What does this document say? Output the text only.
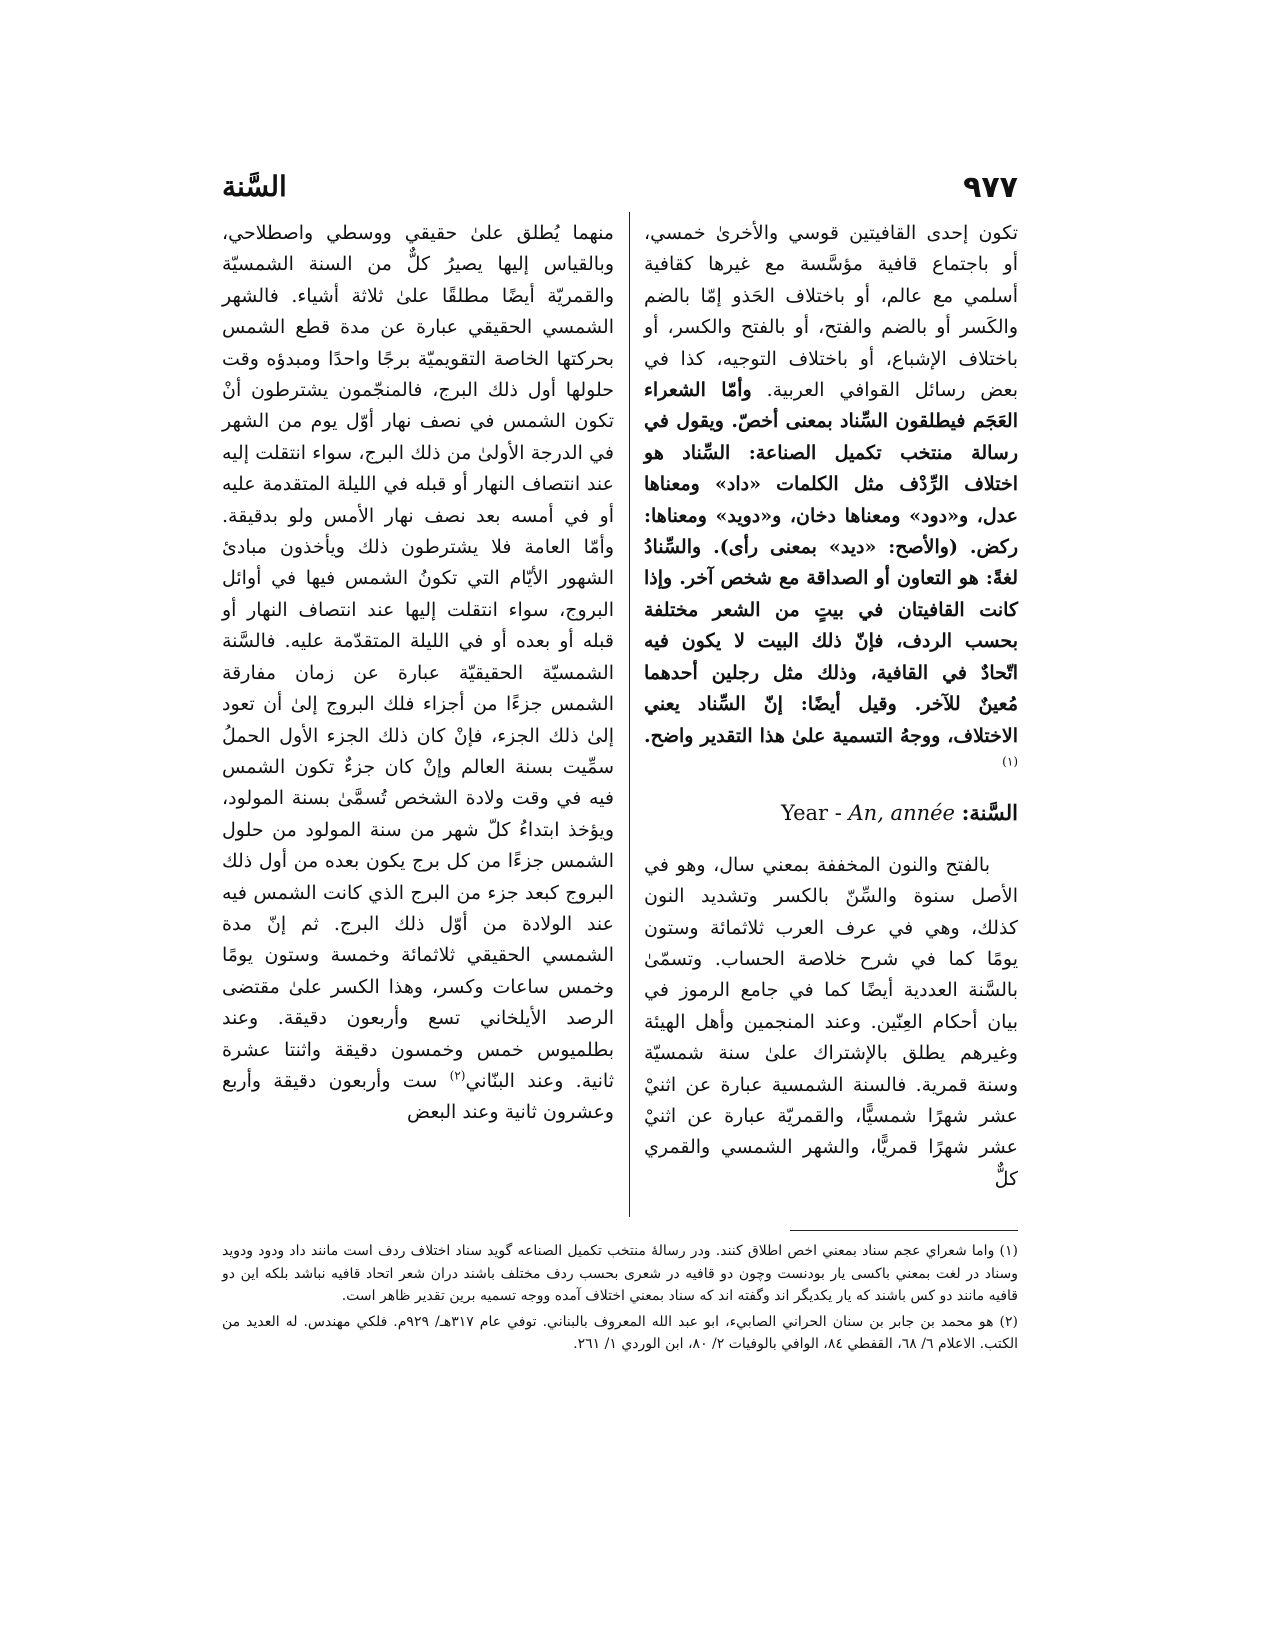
٩٧٧
السَّنة

تكون إحدى القافيتين قوسي والأخرىٰ خمسي، أو باجتماع قافية مؤسَّسة مع غيرها كقافية أسلمي مع عالم، أو باختلاف الحَذو إمّا بالضم والكَسر أو بالضم والفتح، أو بالفتح والكسر، أو باختلاف الإشباع، أو باختلاف التوجيه، كذا في بعض رسائل القوافي العربية. وأمّا الشعراء العَجَم فيطلقون السِّناد بمعنى أخصّ. ويقول في رسالة منتخب تكميل الصناعة: السِّناد هو اختلاف الرِّدْف مثل الكلمات «داد» ومعناها عدل، و«دود» ومعناها دخان، و«دويد» ومعناها: ركض. (والأصح: «ديد» بمعنى رأى). والسِّنادُ لغةً: هو التعاون أو الصداقة مع شخص آخر. وإذا كانت القافيتان في بيتٍ من الشعر مختلفة بحسب الردف، فإنّ ذلك البيت لا يكون فيه اتّحادٌ في القافية، وذلك مثل رجلين أحدهما مُعينٌ للآخر. وقيل أيضًا: إنّ السِّناد يعني الاختلاف، ووجهُ التسمية علىٰ هذا التقدير واضح.$^{(١)}$

السَّنة: Year - An, année

بالفتح والنون المخففة بمعني سال، وهو في الأصل سنوة والسِّنّ بالكسر وتشديد النون كذلك، وهي في عرف العرب ثلاثمائة وستون يومًا كما في شرح خلاصة الحساب. وتسمّىٰ بالسَّنة العددية أيضًا كما في جامع الرموز في بيان أحكام العِنّين. وعند المنجمين وأهل الهيئة وغيرهم يطلق بالإشتراك علىٰ سنة شمسيّة وسنة قمرية. فالسنة الشمسية عبارة عن اثنيْ عشر شهرًا شمسيًّا، والقمريّة عبارة عن اثنيْ عشر شهرًا قمريًّا، والشهر الشمسي والقمري كلٌّ

منهما يُطلق علىٰ حقيقي ووسطي واصطلاحي، وبالقياس إليها يصيرُ كلٌّ من السنة الشمسيّة والقمريّة أيضًا مطلقًا علىٰ ثلاثة أشياء. فالشهر الشمسي الحقيقي عبارة عن مدة قطع الشمس بحركتها الخاصة التقويميّة برجًا واحدًا ومبدؤه وقت حلولها أول ذلك البرج، فالمنجّمون يشترطون أنْ تكون الشمس في نصف نهار أوّل يوم من الشهر في الدرجة الأولىٰ من ذلك البرج، سواء انتقلت إليه عند انتصاف النهار أو قبله في الليلة المتقدمة عليه أو في أمسه بعد نصف نهار الأمس ولو بدقيقة. وأمّا العامة فلا يشترطون ذلك ويأخذون مبادئ الشهور الأيّام التي تكونُ الشمس فيها في أوائل البروج، سواء انتقلت إليها عند انتصاف النهار أو قبله أو بعده أو في الليلة المتقدّمة عليه. فالسَّنة الشمسيّة الحقيقيّة عبارة عن زمان مفارقة الشمس جزءًا من أجزاء فلك البروج إلىٰ أن تعود إلىٰ ذلك الجزء، فإنْ كان ذلك الجزء الأول الحملُ سمِّيت بسنة العالم وإنْ كان جزءٌ تكون الشمس فيه في وقت ولادة الشخص تُسمَّىٰ بسنة المولود، ويؤخذ ابتداءُ كلّ شهر من سنة المولود من حلول الشمس جزءًا من كل برج يكون بعده من أول ذلك البروج كبعد جزء من البرج الذي كانت الشمس فيه عند الولادة من أوّل ذلك البرج. ثم إنّ مدة الشمسي الحقيقي ثلاثمائة وخمسة وستون يومًا وخمس ساعات وكسر، وهذا الكسر علىٰ مقتضى الرصد الأيلخاني تسع وأربعون دقيقة. وعند بطلميوس خمس وخمسون دقيقة واثنتا عشرة ثانية. وعند البنّاني$^{(٢)}$ ست وأربعون دقيقة وأربع وعشرون ثانية وعند البعض

(١) واما شعراي عجم سناد بمعني اخص اطلاق كنند. ودر رسالهٔ منتخب تكميل الصناعه گويد سناد اختلاف ردف است مانند داد ودود ودويد وسناد در لغت بمعني باكسى يار بودنست وچون دو قافيه در شعرى بحسب ردف مختلف باشند دران شعر اتحاد قافيه نباشد بلكه اين دو قافيه مانند دو كس باشند كه يار يكديگر اند وگفته اند كه سناد بمعني اختلاف آمده ووجه تسميه برين تقدير ظاهر است.

(٢) هو محمد بن جابر بن سنان الحراني الصابيء، ابو عبد الله المعروف بالبناني. توفي عام ٣١٧هـ/ ٩٢٩م. فلكي مهندس. له العديد من الكتب. الاعلام ٦/ ٦٨، القفطي ٨٤، الوافي بالوفيات ٢/ ٨٠، ابن الوردي ١/ ٢٦١.
